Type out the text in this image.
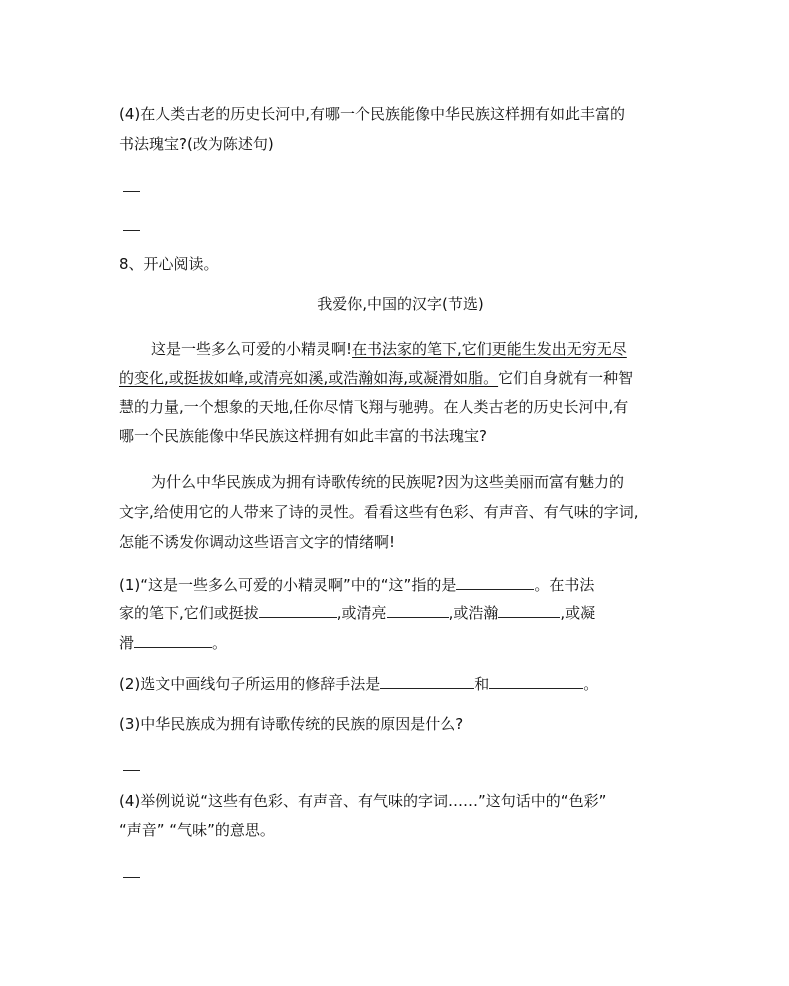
(4)在人类古老的历史长河中,有哪一个民族能像中华民族这样拥有如此丰富的
书法瑰宝?(改为陈述句)
8、开心阅读。
我爱你,中国的汉字(节选)
这是一些多么可爱的小精灵啊!在书法家的笔下,它们更能生发出无穷无尽
的变化,或挺拔如峰,或清亮如溪,或浩瀚如海,或凝滑如脂。它们自身就有一种智
慧的力量,一个想象的天地,任你尽情飞翔与驰骋。在人类古老的历史长河中,有
哪一个民族能像中华民族这样拥有如此丰富的书法瑰宝?
为什么中华民族成为拥有诗歌传统的民族呢?因为这些美丽而富有魅力的
文字,给使用它的人带来了诗的灵性。看看这些有色彩、有声音、有气味的字词,
怎能不诱发你调动这些语言文字的情绪啊!
(1)“这是一些多么可爱的小精灵啊”中的“这”指的是	。在书法
家的笔下,它们或挺拔	,或清亮	,或浩瀚	,或凝
滑	。
(2)选文中画线句子所运用的修辞手法是	和	。
(3)中华民族成为拥有诗歌传统的民族的原因是什么?
(4)举例说说“这些有色彩、有声音、有气味的字词……”这句话中的“色彩”
“声音” “气味”的意思。
